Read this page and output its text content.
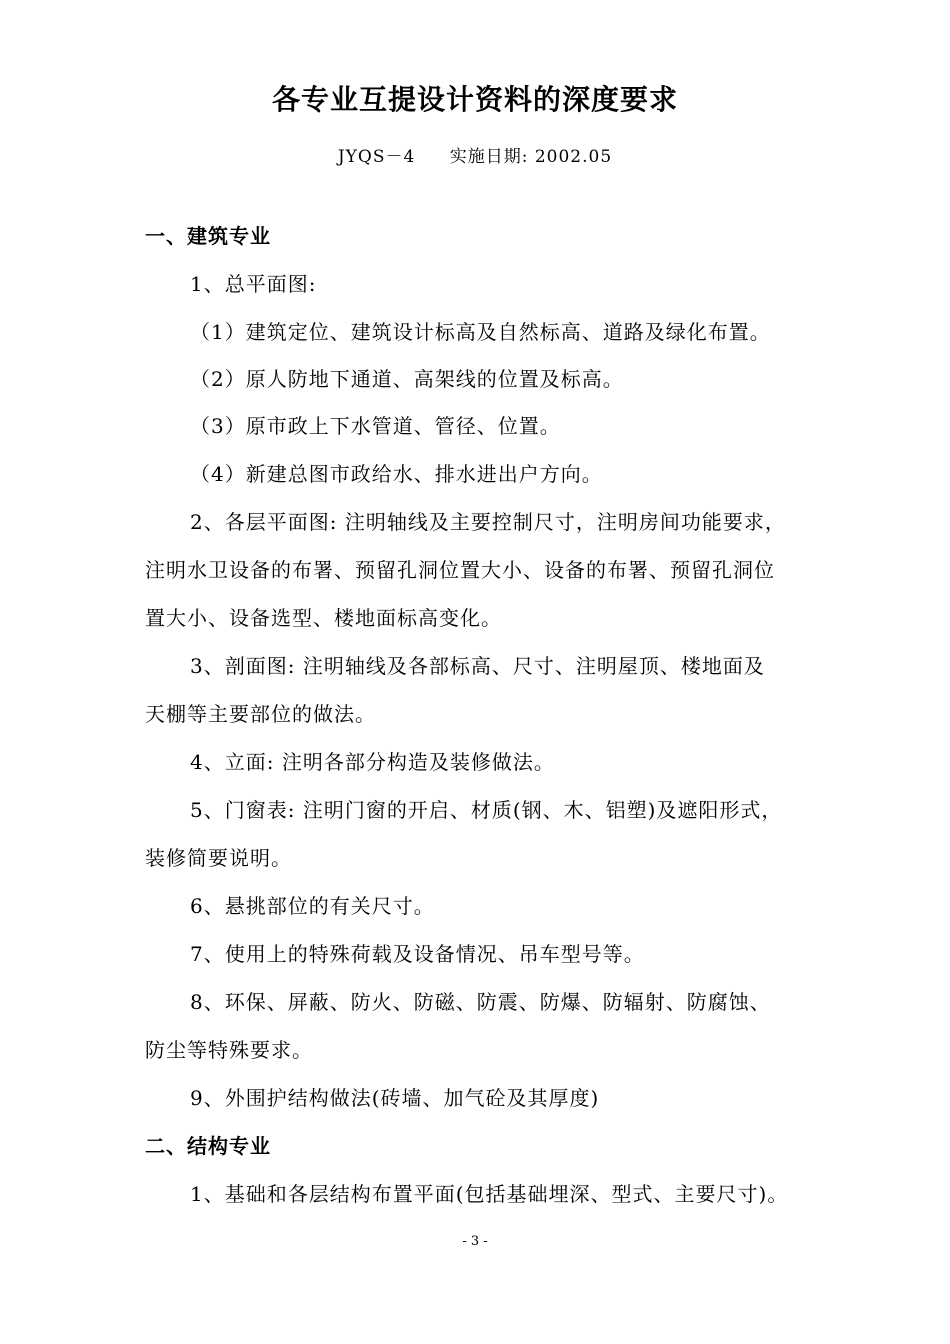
各专业互提设计资料的深度要求
JYQS－4 实施日期: 2002.05
一、建筑专业
1、总平面图:
（1）建筑定位、建筑设计标高及自然标高、道路及绿化布置。
（2）原人防地下通道、高架线的位置及标高。
（3）原市政上下水管道、管径、位置。
（4）新建总图市政给水、排水进出户方向。
2、各层平面图: 注明轴线及主要控制尺寸，注明房间功能要求，
注明水卫设备的布署、预留孔洞位置大小、设备的布署、预留孔洞位
置大小、设备选型、楼地面标高变化。
3、剖面图: 注明轴线及各部标高、尺寸、注明屋顶、楼地面及
天棚等主要部位的做法。
4、立面: 注明各部分构造及装修做法。
5、门窗表: 注明门窗的开启、材质(钢、木、铝塑)及遮阳形式，
装修简要说明。
6、悬挑部位的有关尺寸。
7、使用上的特殊荷载及设备情况、吊车型号等。
8、环保、屏蔽、防火、防磁、防震、防爆、防辐射、防腐蚀、
防尘等特殊要求。
9、外围护结构做法(砖墙、加气砼及其厚度)
二、结构专业
1、基础和各层结构布置平面(包括基础埋深、型式、主要尺寸)。
- 3 -
